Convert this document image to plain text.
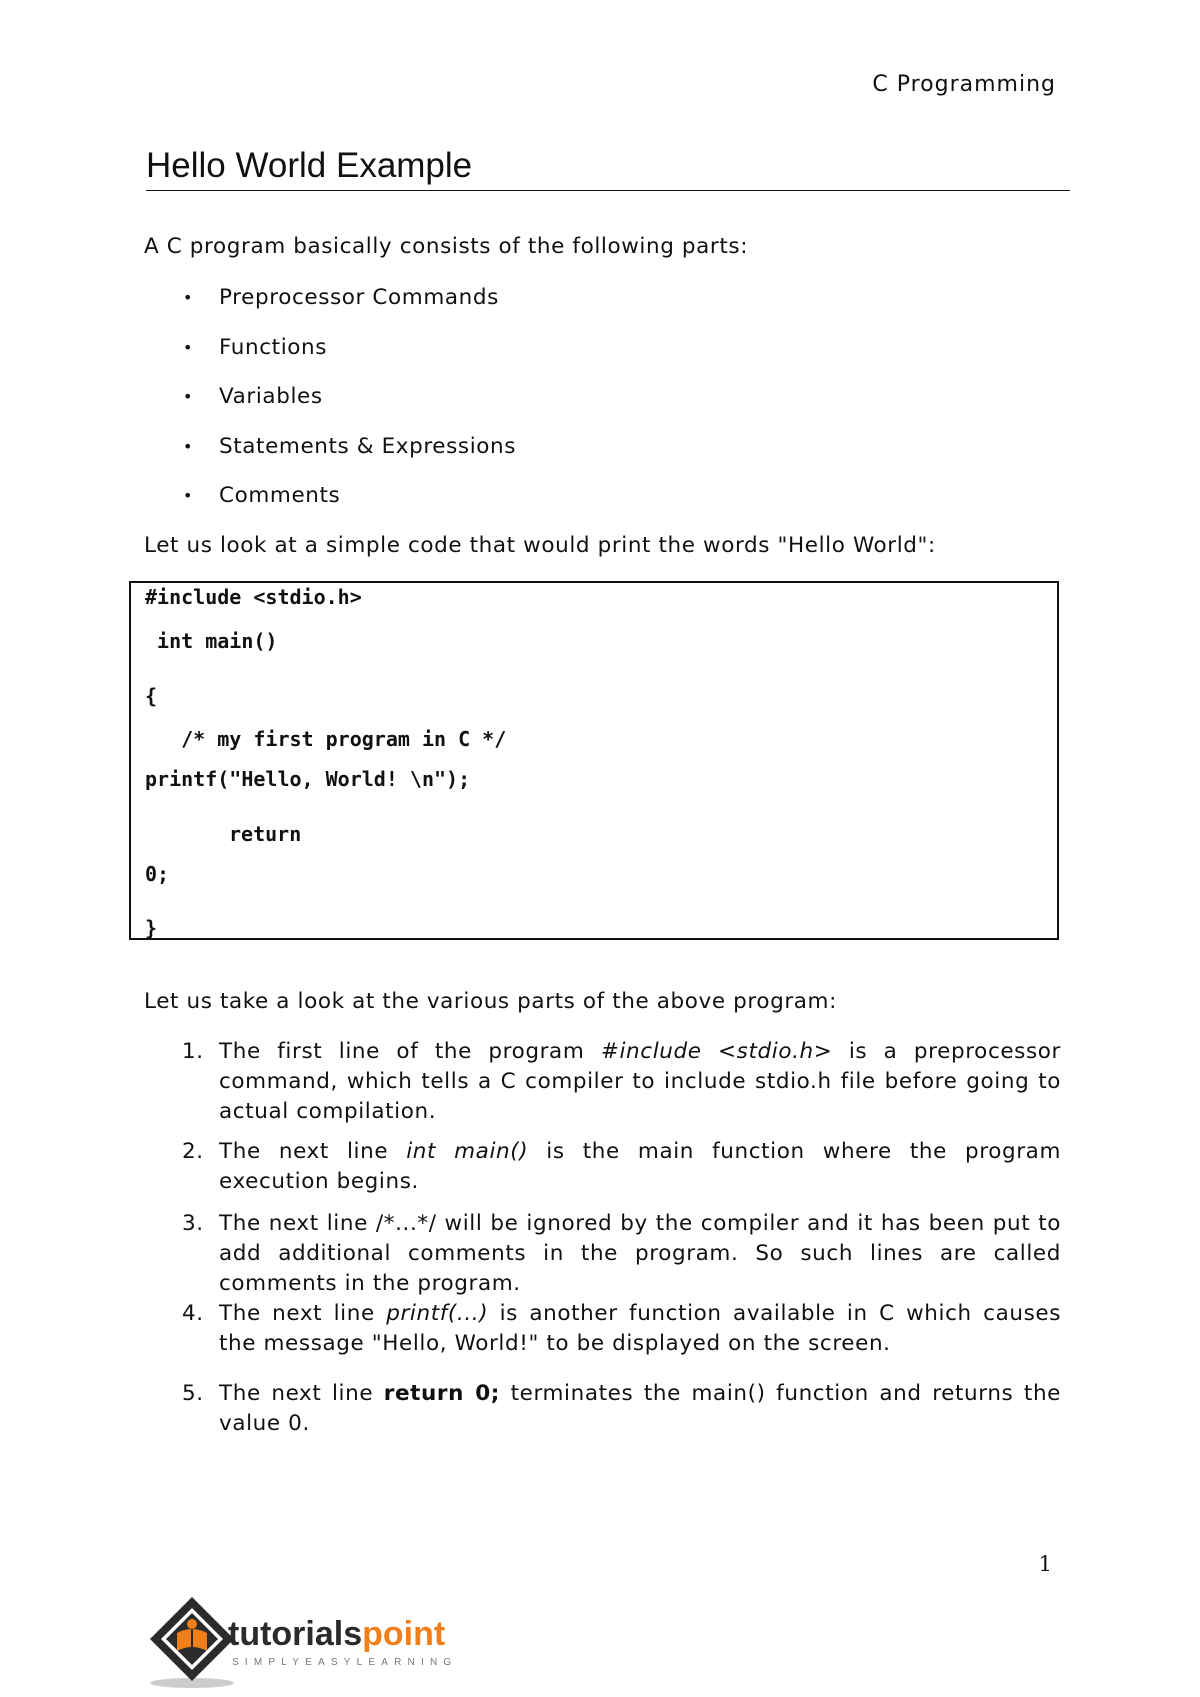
C Programming
Hello World Example

A C program basically consists of the following parts:

• Preprocessor Commands
• Functions
• Variables
• Statements & Expressions
• Comments

Let us look at a simple code that would print the words "Hello World":

#include <stdio.h>
int main()
{
/* my first program in C */
printf("Hello, World! \n");
return
0;
}

Let us take a look at the various parts of the above program:

1. The first line of the program #include <stdio.h> is a preprocessor command, which tells a C compiler to include stdio.h file before going to actual compilation.
2. The next line int main() is the main function where the program execution begins.
3. The next line /*...*/ will be ignored by the compiler and it has been put to add additional comments in the program. So such lines are called comments in the program.
4. The next line printf(...) is another function available in C which causes the message "Hello, World!" to be displayed on the screen.
5. The next line return 0; terminates the main() function and returns the value 0.
1
tutorialspoint
SIMPLYEASYLEARNING
